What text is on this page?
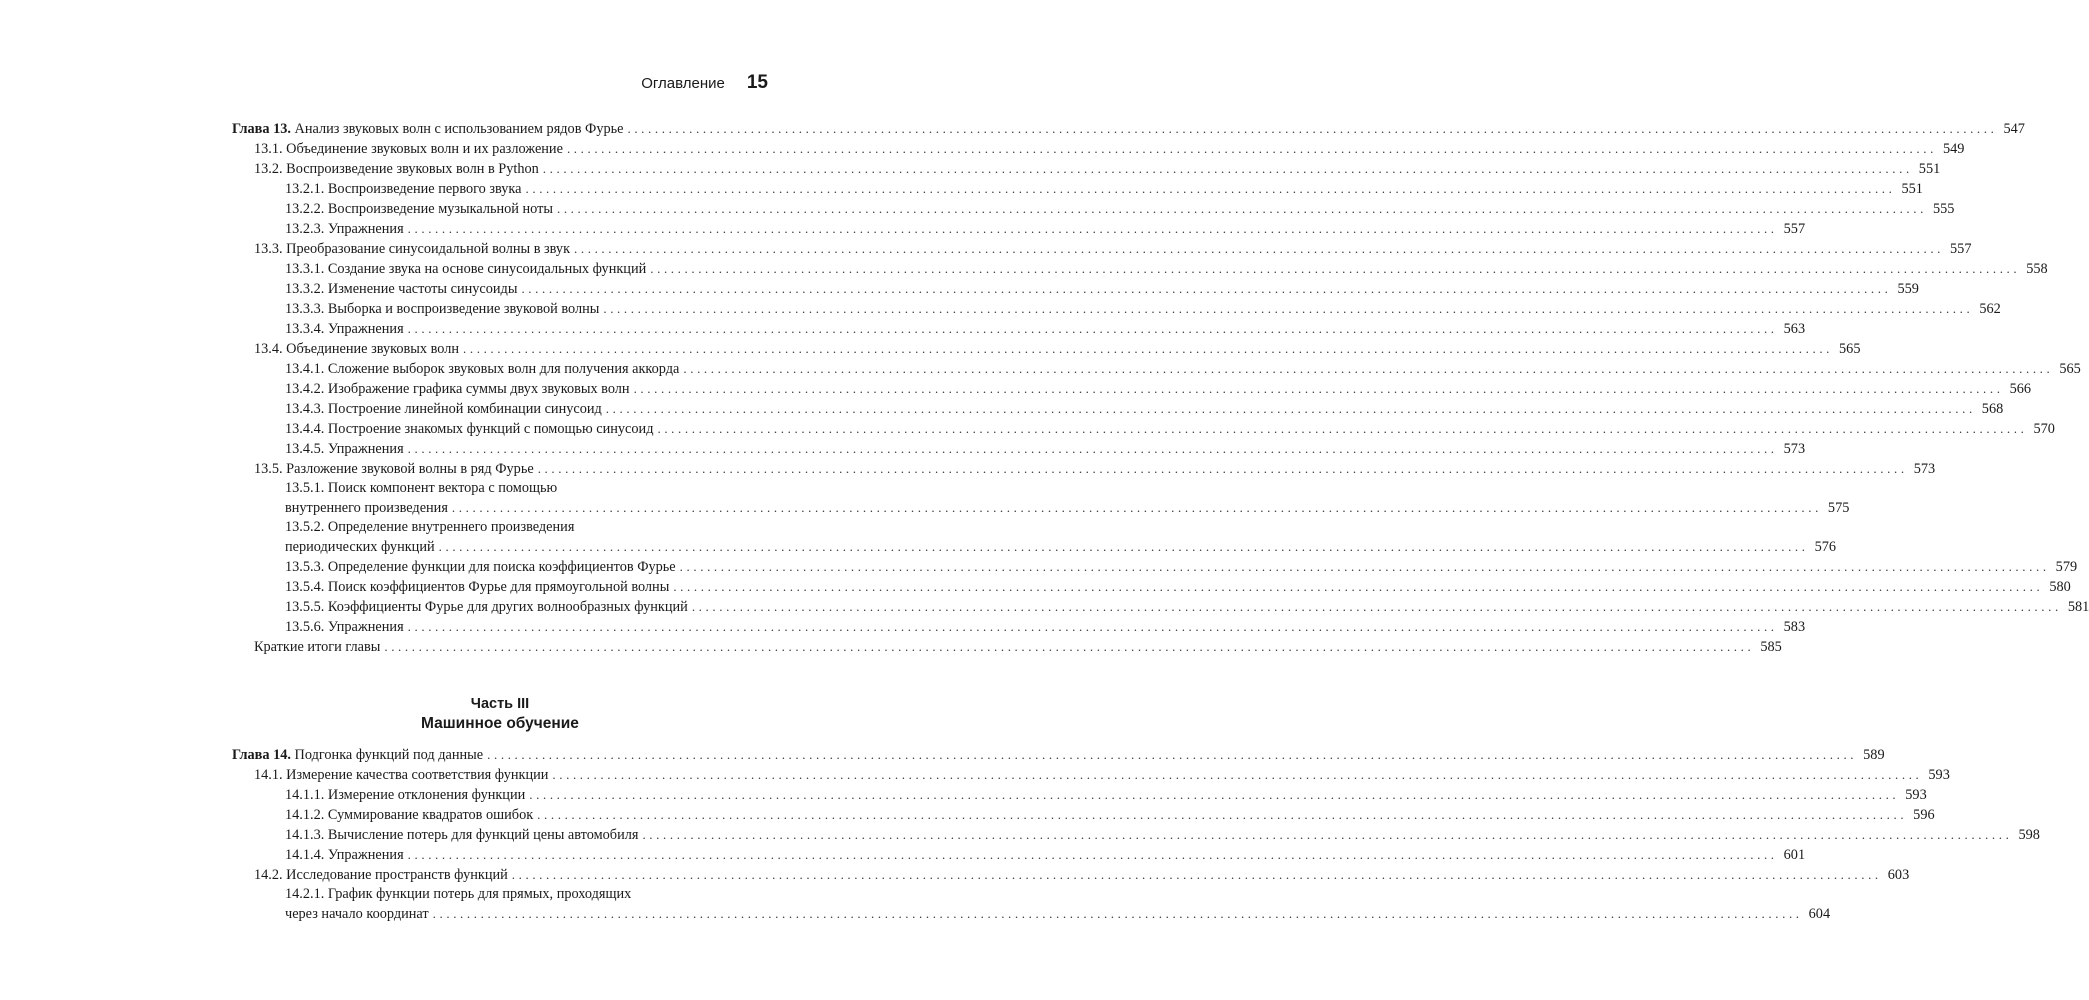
Оглавление 15
Глава 13. Анализ звуковых волн с использованием рядов Фурье ........................................................................................................................................................................................................ 547
13.1. Объединение звуковых волн и их разложение ........................................................................................................................................................................................................ 549
13.2. Воспроизведение звуковых волн в Python ........................................................................................................................................................................................................ 551
13.2.1. Воспроизведение первого звука ........................................................................................................................................................................................................ 551
13.2.2. Воспроизведение музыкальной ноты ........................................................................................................................................................................................................ 555
13.2.3. Упражнения ........................................................................................................................................................................................................ 557
13.3. Преобразование синусоидальной волны в звук ........................................................................................................................................................................................................ 557
13.3.1. Создание звука на основе синусоидальных функций ........................................................................................................................................................................................................ 558
13.3.2. Изменение частоты синусоиды ........................................................................................................................................................................................................ 559
13.3.3. Выборка и воспроизведение звуковой волны ........................................................................................................................................................................................................ 562
13.3.4. Упражнения ........................................................................................................................................................................................................ 563
13.4. Объединение звуковых волн ........................................................................................................................................................................................................ 565
13.4.1. Сложение выборок звуковых волн для получения аккорда ........................................................................................................................................................................................................ 565
13.4.2. Изображение графика суммы двух звуковых волн ........................................................................................................................................................................................................ 566
13.4.3. Построение линейной комбинации синусоид ........................................................................................................................................................................................................ 568
13.4.4. Построение знакомых функций с помощью синусоид ........................................................................................................................................................................................................ 570
13.4.5. Упражнения ........................................................................................................................................................................................................ 573
13.5. Разложение звуковой волны в ряд Фурье ........................................................................................................................................................................................................ 573
13.5.1. Поиск компонент вектора с помощью
внутреннего произведения ........................................................................................................................................................................................................ 575
13.5.2. Определение внутреннего произведения
периодических функций ........................................................................................................................................................................................................ 576
13.5.3. Определение функции для поиска коэффициентов Фурье ........................................................................................................................................................................................................ 579
13.5.4. Поиск коэффициентов Фурье для прямоугольной волны ........................................................................................................................................................................................................ 580
13.5.5. Коэффициенты Фурье для других волнообразных функций ........................................................................................................................................................................................................ 581
13.5.6. Упражнения ........................................................................................................................................................................................................ 583
Краткие итоги главы ........................................................................................................................................................................................................ 585
Часть III
Машинное обучение
Глава 14. Подгонка функций под данные ........................................................................................................................................................................................................ 589
14.1. Измерение качества соответствия функции ........................................................................................................................................................................................................ 593
14.1.1. Измерение отклонения функции ........................................................................................................................................................................................................ 593
14.1.2. Суммирование квадратов ошибок ........................................................................................................................................................................................................ 596
14.1.3. Вычисление потерь для функций цены автомобиля ........................................................................................................................................................................................................ 598
14.1.4. Упражнения ........................................................................................................................................................................................................ 601
14.2. Исследование пространств функций ........................................................................................................................................................................................................ 603
14.2.1. График функции потерь для прямых, проходящих
через начало координат ........................................................................................................................................................................................................ 604
